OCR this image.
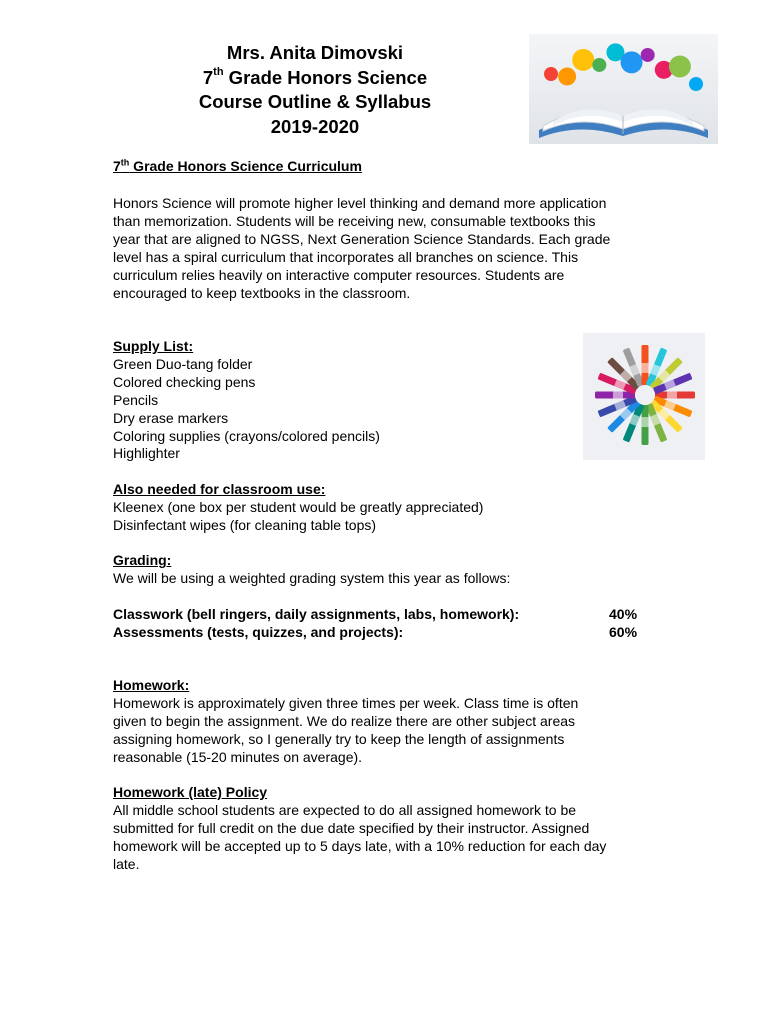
Mrs. Anita Dimovski
7th Grade Honors Science
Course Outline & Syllabus
2019-2020

7th Grade Honors Science Curriculum

Honors Science will promote higher level thinking and demand more application

than memorization. Students will be receiving new, consumable textbooks this

year that are aligned to NGSS, Next Generation Science Standards. Each grade

level has a spiral curriculum that incorporates all branches on science. This

curriculum relies heavily on interactive computer resources. Students are

encouraged to keep textbooks in the classroom.

Supply List:

Green Duo-tang folder

Colored checking pens

Pencils

Dry erase markers

Coloring supplies (crayons/colored pencils)

Highlighter

Also needed for classroom use:

Kleenex (one box per student would be greatly appreciated)

Disinfectant wipes (for cleaning table tops)

Grading:

We will be using a weighted grading system this year as follows:

Classwork (bell ringers, daily assignments, labs, homework):	40%
Assessments (tests, quizzes, and projects):	60%

Homework:

Homework is approximately given three times per week. Class time is often

given to begin the assignment. We do realize there are other subject areas

assigning homework, so I generally try to keep the length of assignments

reasonable (15-20 minutes on average).

Homework (late) Policy

All middle school students are expected to do all assigned homework to be

submitted for full credit on the due date specified by their instructor. Assigned

homework will be accepted up to 5 days late, with a 10% reduction for each day

late.
